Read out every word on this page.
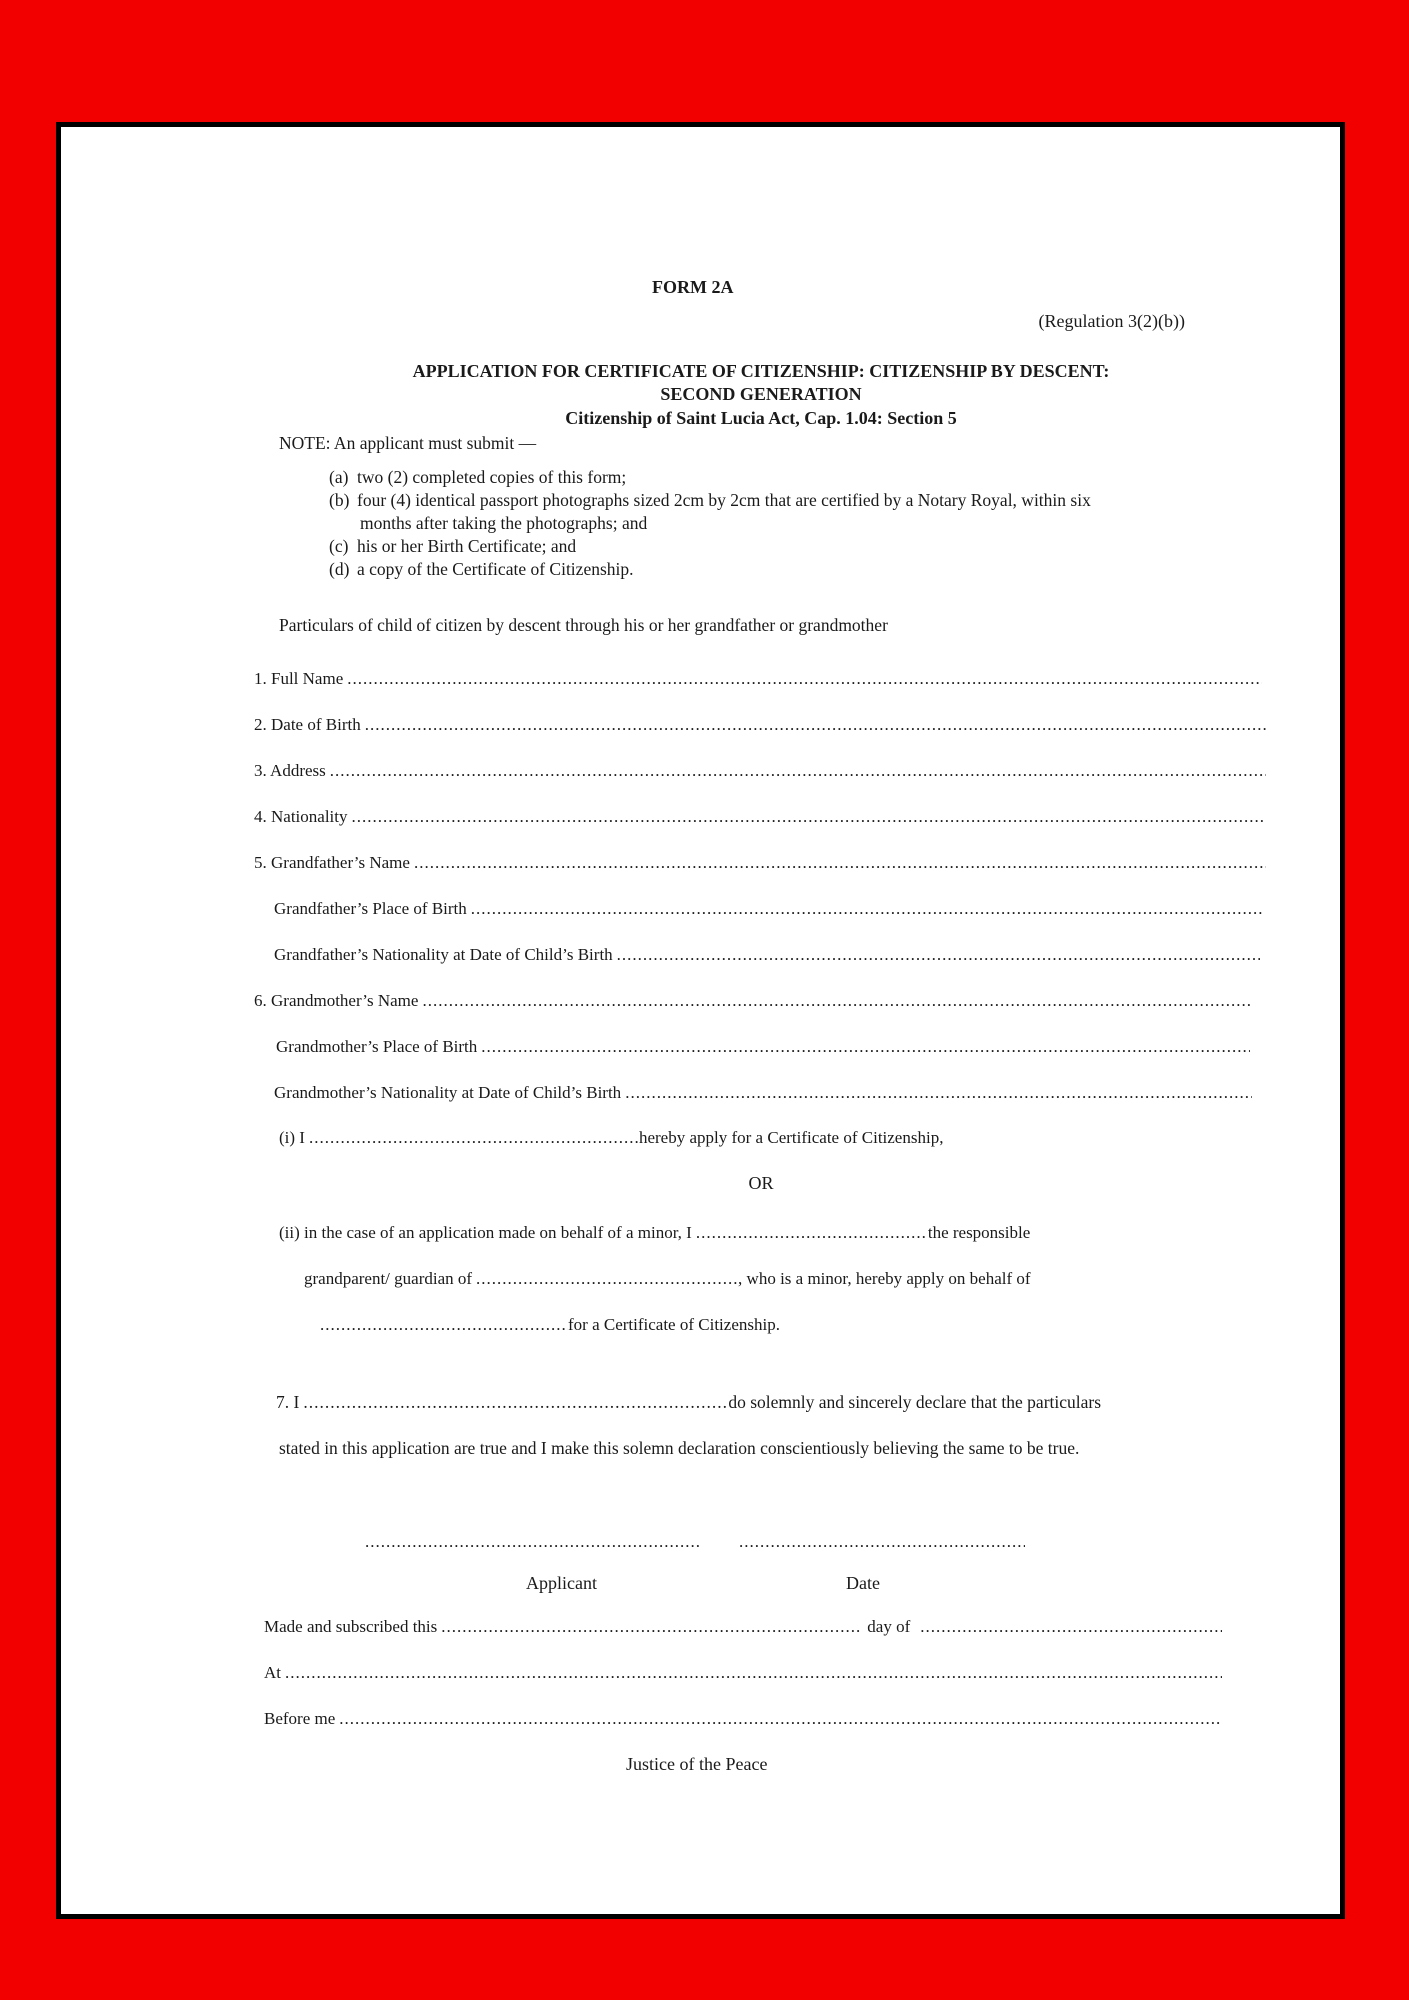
FORM 2A
(Regulation 3(2)(b))
APPLICATION FOR CERTIFICATE OF CITIZENSHIP: CITIZENSHIP BY DESCENT:
SECOND GENERATION
Citizenship of Saint Lucia Act, Cap. 1.04: Section 5
NOTE: An applicant must submit —
(a) two (2) completed copies of this form;
(b) four (4) identical passport photographs sized 2cm by 2cm that are certified by a Notary Royal, within six
months after taking the photographs; and
(c) his or her Birth Certificate; and
(d) a copy of the Certificate of Citizenship.
Particulars of child of citizen by descent through his or her grandfather or grandmother
1. Full Name
.....
2. Date of Birth
.....
3. Address
.....
4. Nationality
.....
5. Grandfather’s Name
.....
Grandfather’s Place of Birth
.....
Grandfather’s Nationality at Date of Child’s Birth
.....
6. Grandmother’s Name
.....
Grandmother’s Place of Birth
.....
Grandmother’s Nationality at Date of Child’s Birth
.....
(i) I .....	hereby apply for a Certificate of Citizenship,
OR
(ii) in the case of an application made on behalf of a minor, I .....	the responsible
grandparent/ guardian of .....	, who is a minor, hereby apply on behalf of
.....
for a Certificate of Citizenship.
7. I .....	do solemnly and sincerely declare that the particulars
stated in this application are true and I make this solemn declaration conscientiously believing the same to be true.
.....
.....
Applicant	Date
Made and subscribed this .....	day of
.....
At
.....
Before me
.....
Justice of the Peace
